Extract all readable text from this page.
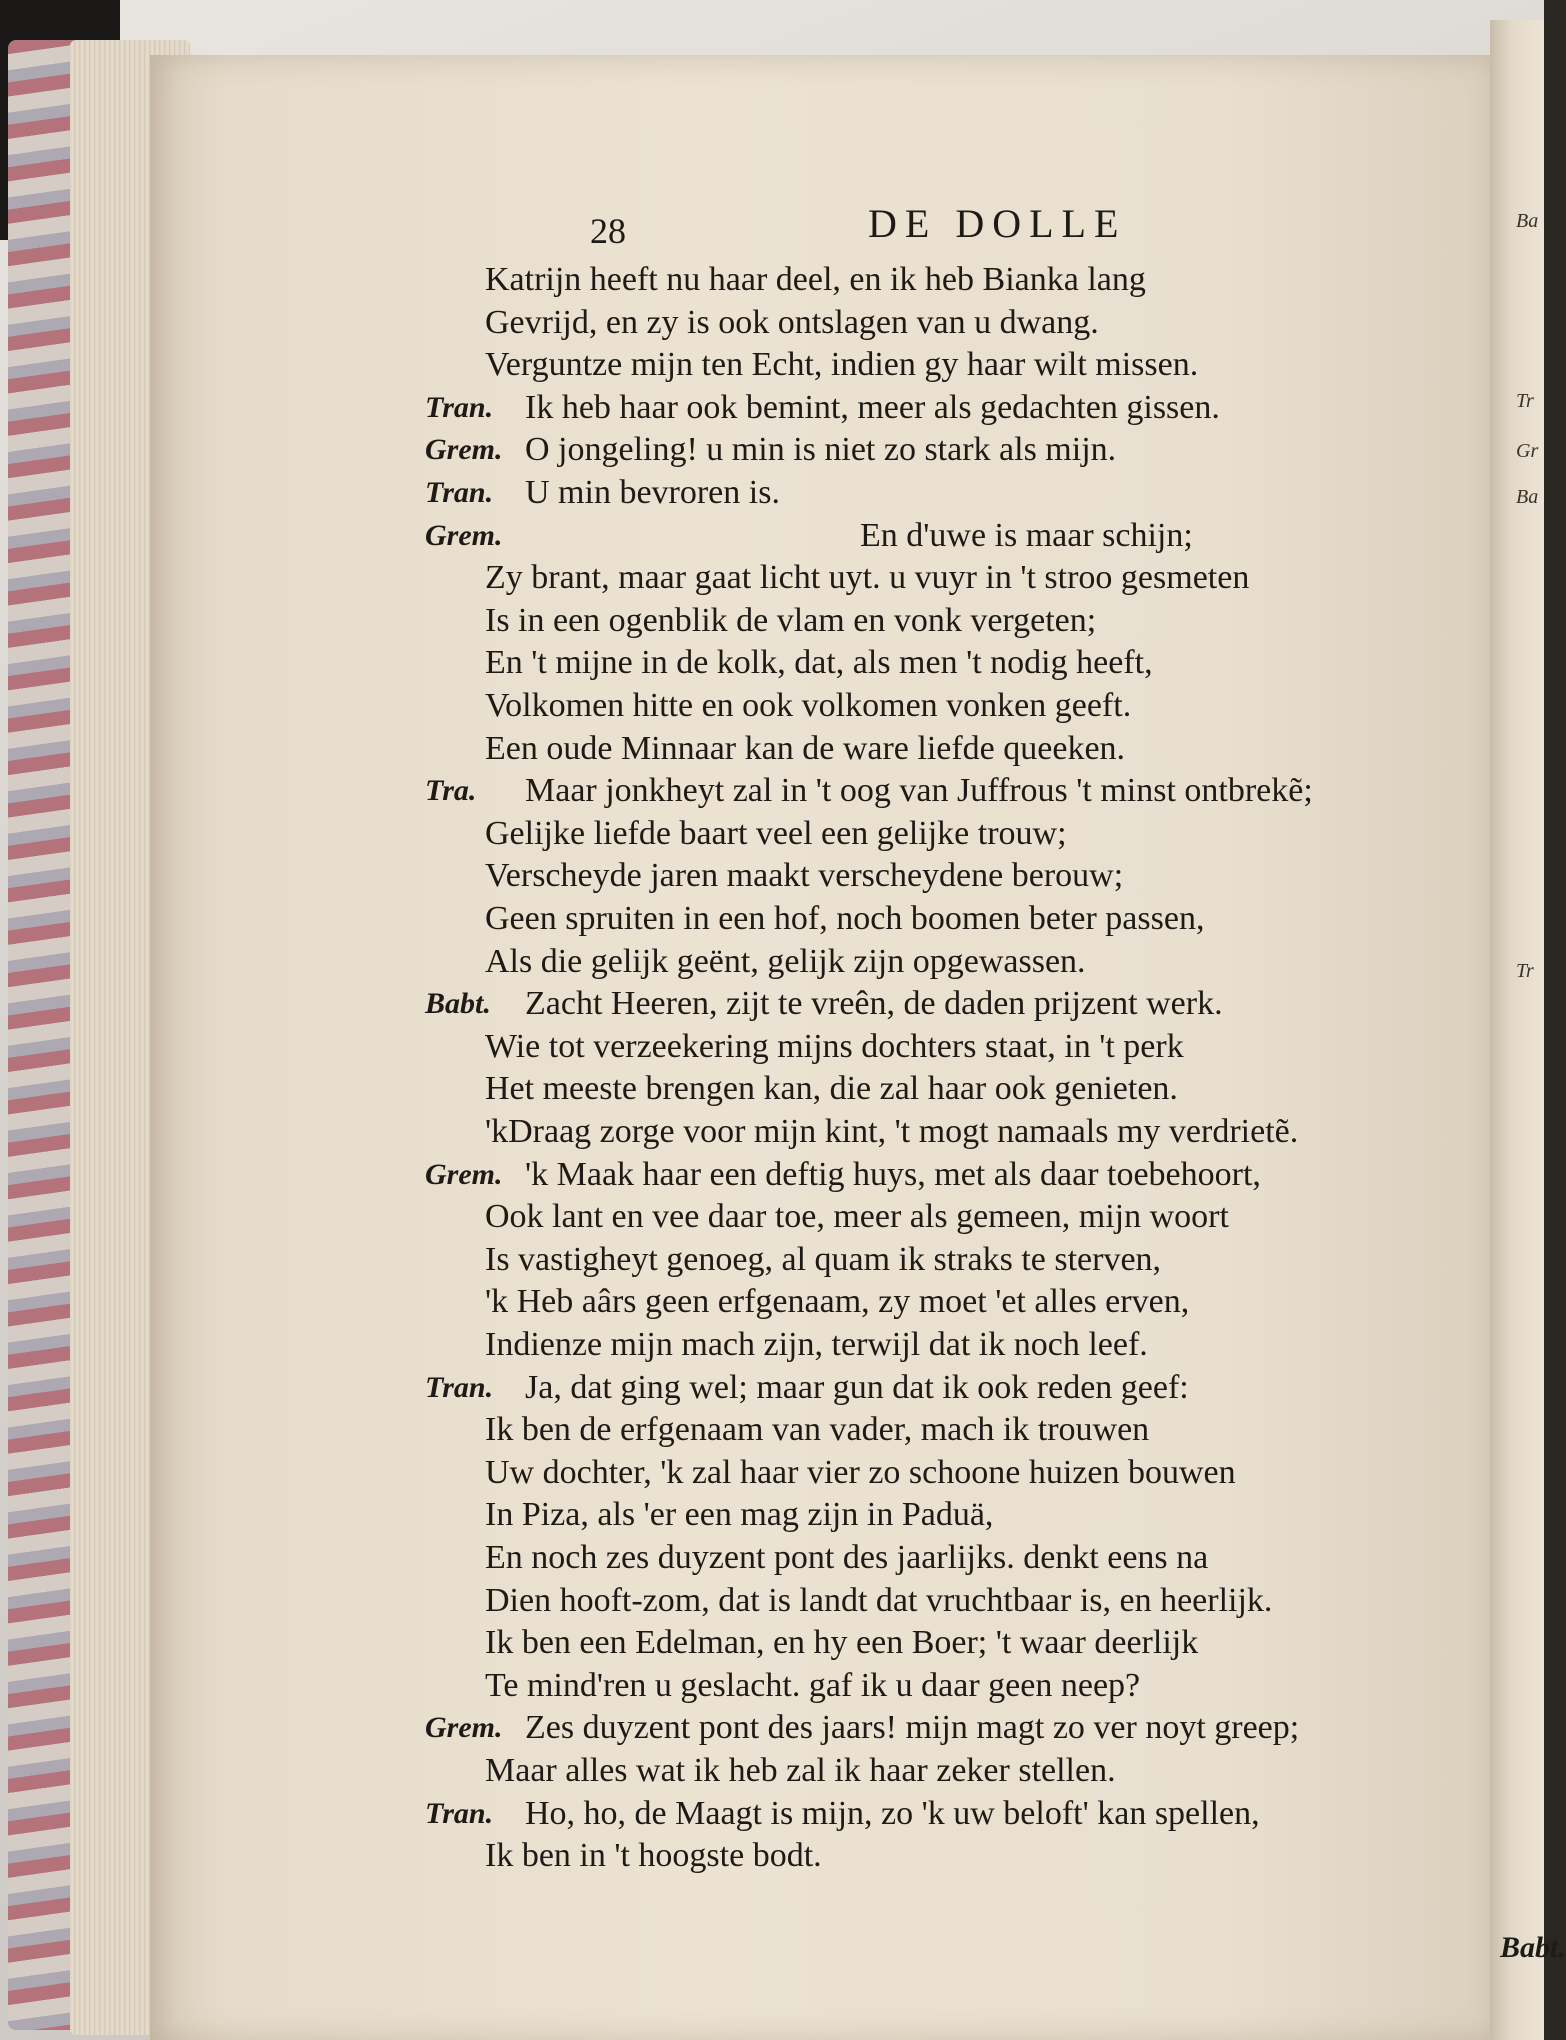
Ba
Tr
Gr
Ba
Tr
28	DE DOLLE
Katrijn heeft nu haar deel, en ik heb Bianka lang
Gevrijd, en zy is ook ontslagen van u dwang.
Verguntze mijn ten Echt, indien gy haar wilt missen.
Tran. Ik heb haar ook bemint, meer als gedachten gissen.
Grem. O jongeling! u min is niet zo stark als mijn.
Tran. U min bevroren is.
Grem.	En d'uwe is maar schijn;
Zy brant, maar gaat licht uyt. u vuyr in 't stroo gesmeten
Is in een ogenblik de vlam en vonk vergeten;
En 't mijne in de kolk, dat, als men 't nodig heeft,
Volkomen hitte en ook volkomen vonken geeft.
Een oude Minnaar kan de ware liefde queeken.
Tra. Maar jonkheyt zal in 't oog van Juffrous 't minst ontbrekẽ;
Gelijke liefde baart veel een gelijke trouw;
Verscheyde jaren maakt verscheydene berouw;
Geen spruiten in een hof, noch boomen beter passen,
Als die gelijk geënt, gelijk zijn opgewassen.
Babt. Zacht Heeren, zijt te vreên, de daden prijzent werk.
Wie tot verzeekering mijns dochters staat, in 't perk
Het meeste brengen kan, die zal haar ook genieten.
'kDraag zorge voor mijn kint, 't mogt namaals my verdrietẽ.
Grem. 'k Maak haar een deftig huys, met als daar toebehoort,
Ook lant en vee daar toe, meer als gemeen, mijn woort
Is vastigheyt genoeg, al quam ik straks te sterven,
'k Heb aârs geen erfgenaam, zy moet 'et alles erven,
Indienze mijn mach zijn, terwijl dat ik noch leef.
Tran. Ja, dat ging wel; maar gun dat ik ook reden geef:
Ik ben de erfgenaam van vader, mach ik trouwen
Uw dochter, 'k zal haar vier zo schoone huizen bouwen
In Piza, als 'er een mag zijn in Paduä,
En noch zes duyzent pont des jaarlijks. denkt eens na
Dien hooft-zom, dat is landt dat vruchtbaar is, en heerlijk.
Ik ben een Edelman, en hy een Boer; 't waar deerlijk
Te mind'ren u geslacht. gaf ik u daar geen neep?
Grem. Zes duyzent pont des jaars! mijn magt zo ver noyt greep;
Maar alles wat ik heb zal ik haar zeker stellen.
Tran. Ho, ho, de Maagt is mijn, zo 'k uw beloft' kan spellen,
Ik ben in 't hoogste bodt.
Babt.
